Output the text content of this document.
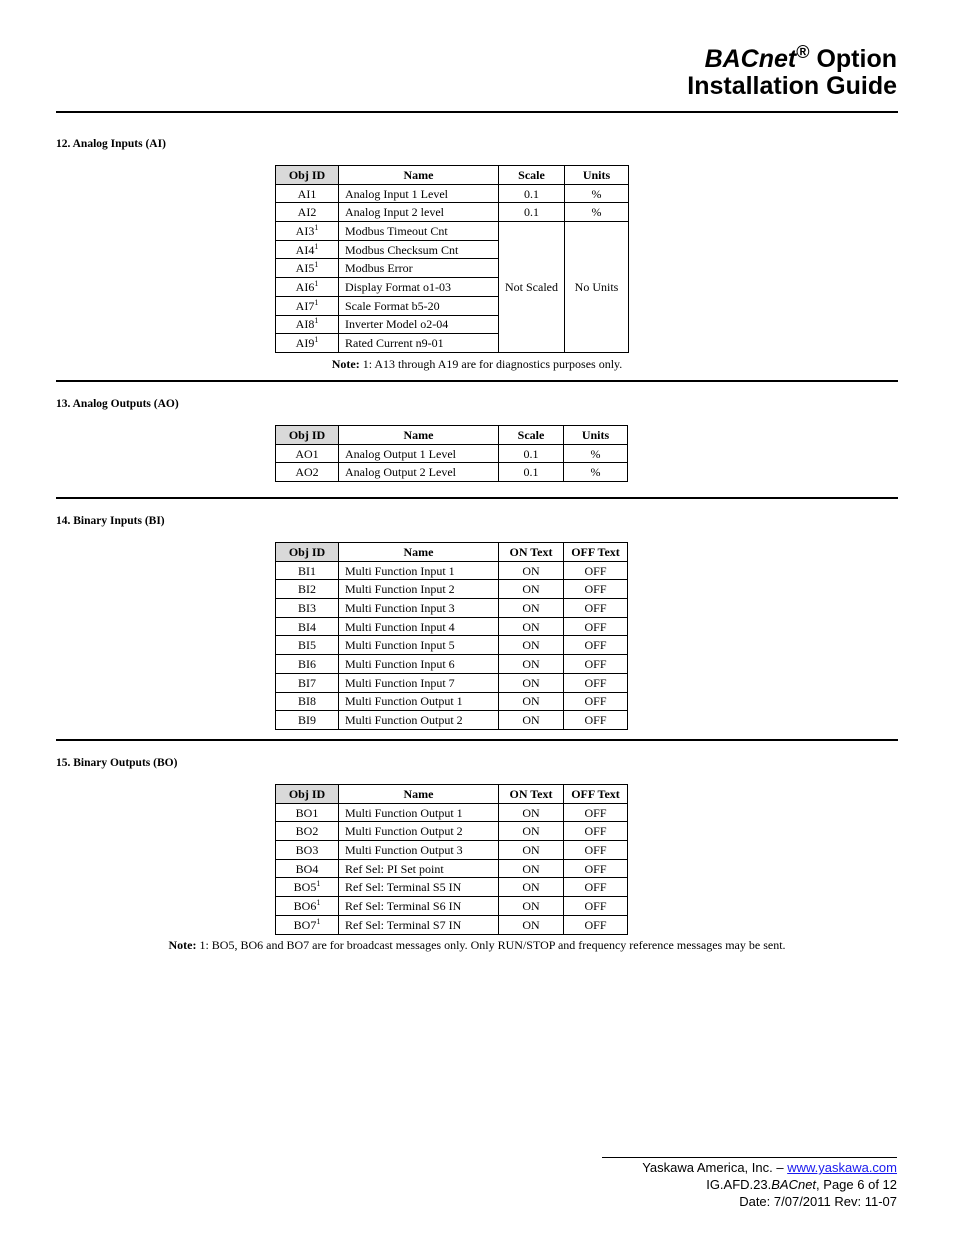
BACnet® Option
Installation Guide
12. Analog Inputs (AI)
Obj ID	Name	Scale	Units
AI1	Analog Input 1 Level	0.1	%
AI2	Analog Input 2 level	0.1	%
$AI3^1$	Modbus Timeout Cnt	Not Scaled	No Units
$AI4^1$	Modbus Checksum Cnt		
$AI5^1$	Modbus Error		
$AI6^1$	Display Format o1-03		
$AI7^1$	Scale Format b5-20		
$AI8^1$	Inverter Model o2-04		
$AI9^1$	Rated Current n9-01		
Note: 1: A13 through A19 are for diagnostics purposes only.
13. Analog Outputs (AO)
Obj ID	Name	Scale	Units
AO1	Analog Output 1 Level	0.1	%
AO2	Analog Output 2 Level	0.1	%
14. Binary Inputs (BI)
Obj ID	Name	ON Text	OFF Text
BI1	Multi Function Input 1	ON	OFF
BI2	Multi Function Input 2	ON	OFF
BI3	Multi Function Input 3	ON	OFF
BI4	Multi Function Input 4	ON	OFF
BI5	Multi Function Input 5	ON	OFF
BI6	Multi Function Input 6	ON	OFF
BI7	Multi Function Input 7	ON	OFF
BI8	Multi Function Output 1	ON	OFF
BI9	Multi Function Output 2	ON	OFF
15. Binary Outputs (BO)
Obj ID	Name	ON Text	OFF Text
BO1	Multi Function Output 1	ON	OFF
BO2	Multi Function Output 2	ON	OFF
BO3	Multi Function Output 3	ON	OFF
BO4	Ref Sel: PI Set point	ON	OFF
$BO5^1$	Ref Sel: Terminal S5 IN	ON	OFF
$BO6^1$	Ref Sel: Terminal S6 IN	ON	OFF
$BO7^1$	Ref Sel: Terminal S7 IN	ON	OFF
Note: 1: BO5, BO6 and BO7 are for broadcast messages only. Only RUN/STOP and frequency reference messages may be sent.
Yaskawa America, Inc. – www.yaskawa.com
IG.AFD.23.BACnet, Page 6 of 12
Date: 7/07/2011 Rev: 11-07
